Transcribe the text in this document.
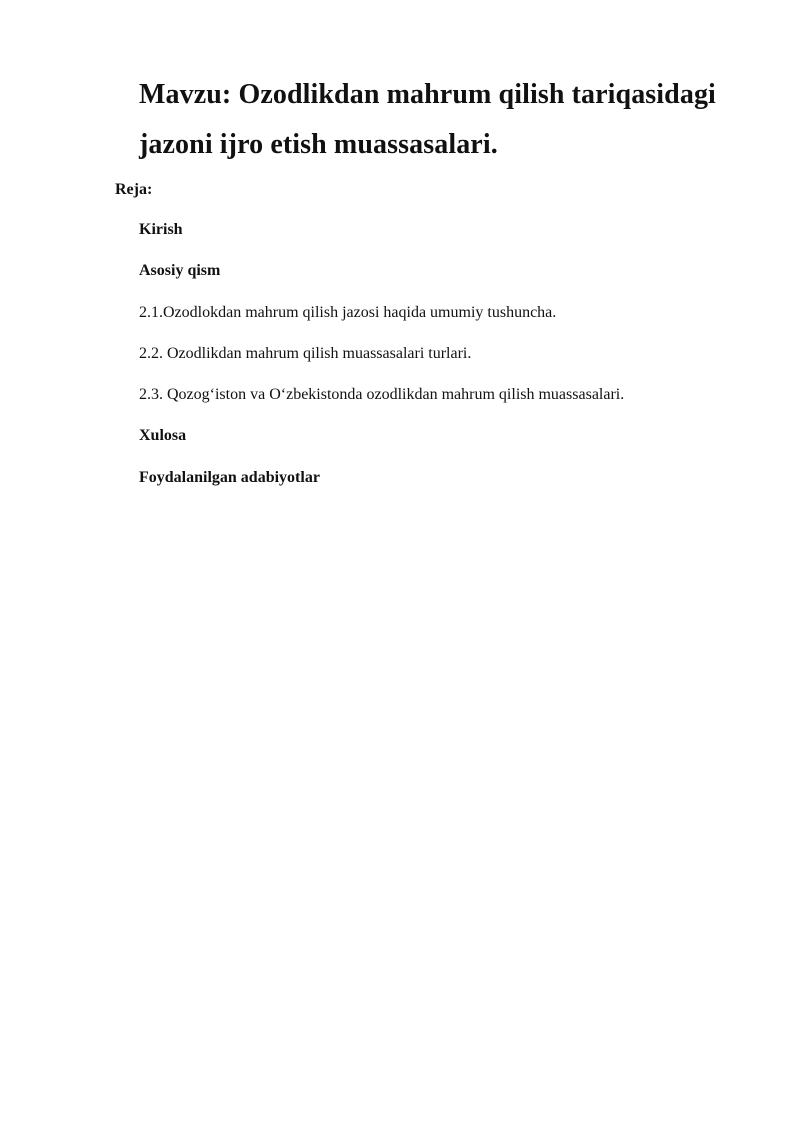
Mavzu: Ozodlikdan mahrum qilish tariqasidagi
jazoni ijro etish muassasalari.
Reja:
Kirish
Asosiy qism
2.1.Ozodlokdan mahrum qilish jazosi haqida umumiy tushuncha.
2.2. Ozodlikdan mahrum qilish muassasalari turlari.
2.3. Qozog‘iston va O‘zbekistonda ozodlikdan mahrum qilish muassasalari.
Xulosa
Foydalanilgan adabiyotlar
